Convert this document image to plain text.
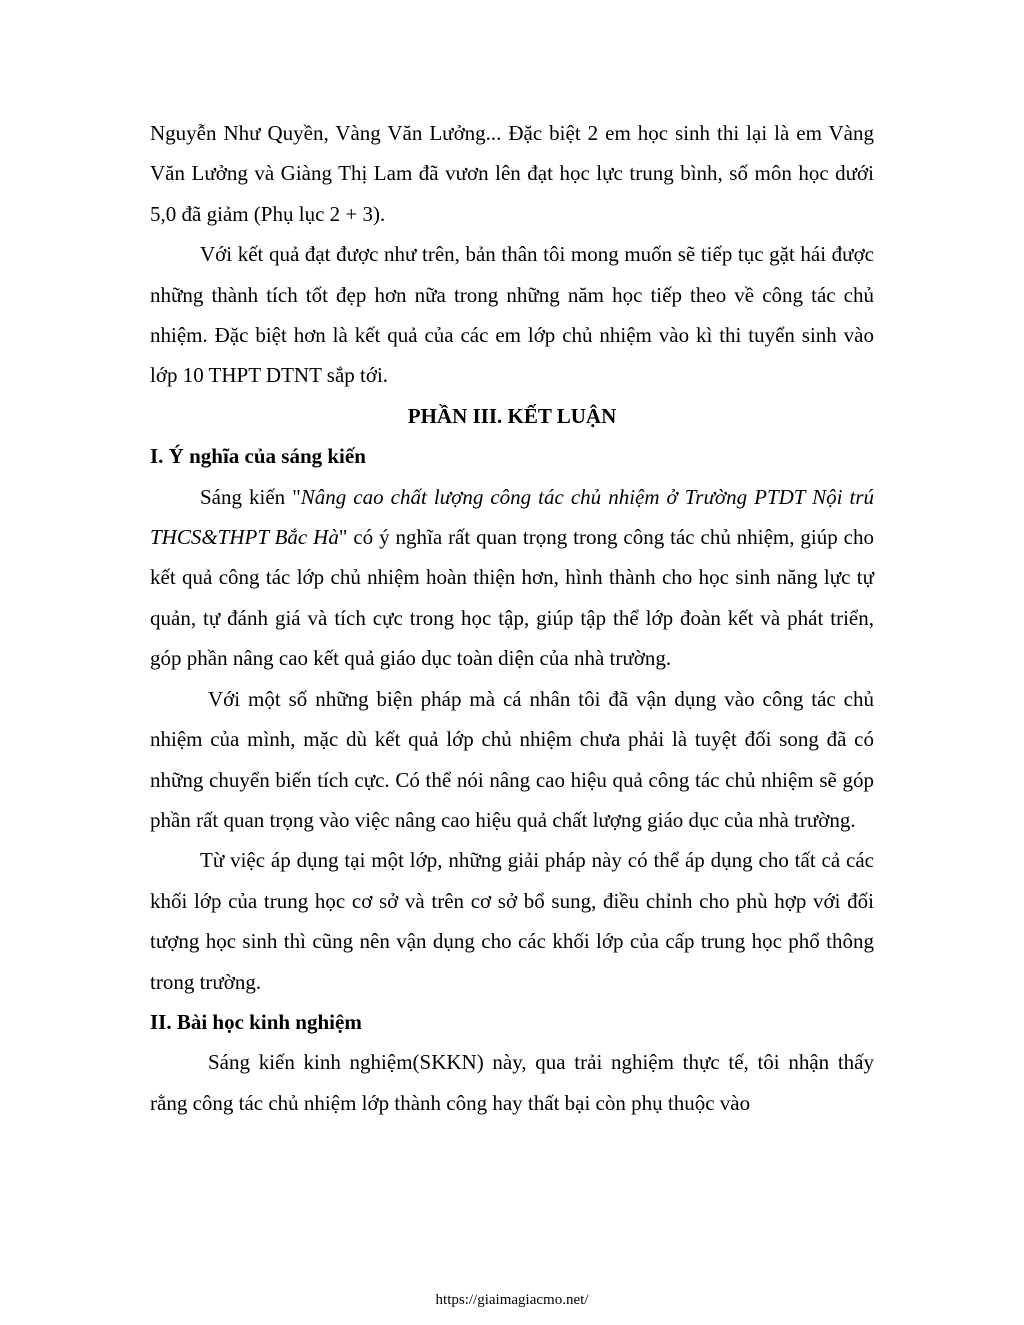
Nguyễn Như Quyền, Vàng Văn Lưởng... Đặc biệt 2 em học sinh thi lại là em Vàng Văn Lưởng và Giàng Thị Lam đã vươn lên đạt học lực trung bình, số môn học dưới 5,0 đã giảm (Phụ lục 2 + 3).

Với kết quả đạt được như trên, bản thân tôi mong muốn sẽ tiếp tục gặt hái được những thành tích tốt đẹp hơn nữa trong những năm học tiếp theo về công tác chủ nhiệm. Đặc biệt hơn là kết quả của các em lớp chủ nhiệm vào kì thi tuyển sinh vào lớp 10 THPT DTNT sắp tới.

PHẦN III. KẾT LUẬN

I. Ý nghĩa của sáng kiến

Sáng kiến "Nâng cao chất lượng công tác chủ nhiệm ở Trường PTDT Nội trú THCS&THPT Bắc Hà" có ý nghĩa rất quan trọng trong công tác chủ nhiệm, giúp cho kết quả công tác lớp chủ nhiệm hoàn thiện hơn, hình thành cho học sinh năng lực tự quản, tự đánh giá và tích cực trong học tập, giúp tập thể lớp đoàn kết và phát triển, góp phần nâng cao kết quả giáo dục toàn diện của nhà trường.

Với một số những biện pháp mà cá nhân tôi đã vận dụng vào công tác chủ nhiệm của mình, mặc dù kết quả lớp chủ nhiệm chưa phải là tuyệt đối song đã có những chuyển biến tích cực. Có thể nói nâng cao hiệu quả công tác chủ nhiệm sẽ góp phần rất quan trọng vào việc nâng cao hiệu quả chất lượng giáo dục của nhà trường.

Từ việc áp dụng tại một lớp, những giải pháp này có thể áp dụng cho tất cả các khối lớp của trung học cơ sở và trên cơ sở bổ sung, điều chỉnh cho phù hợp với đối tượng học sinh thì cũng nên vận dụng cho các khối lớp của cấp trung học phổ thông trong trường.

II. Bài học kinh nghiệm

Sáng kiến kinh nghiệm(SKKN) này, qua trải nghiệm thực tế, tôi nhận thấy rằng công tác chủ nhiệm lớp thành công hay thất bại còn phụ thuộc vào

https://giaimagiacmo.net/
